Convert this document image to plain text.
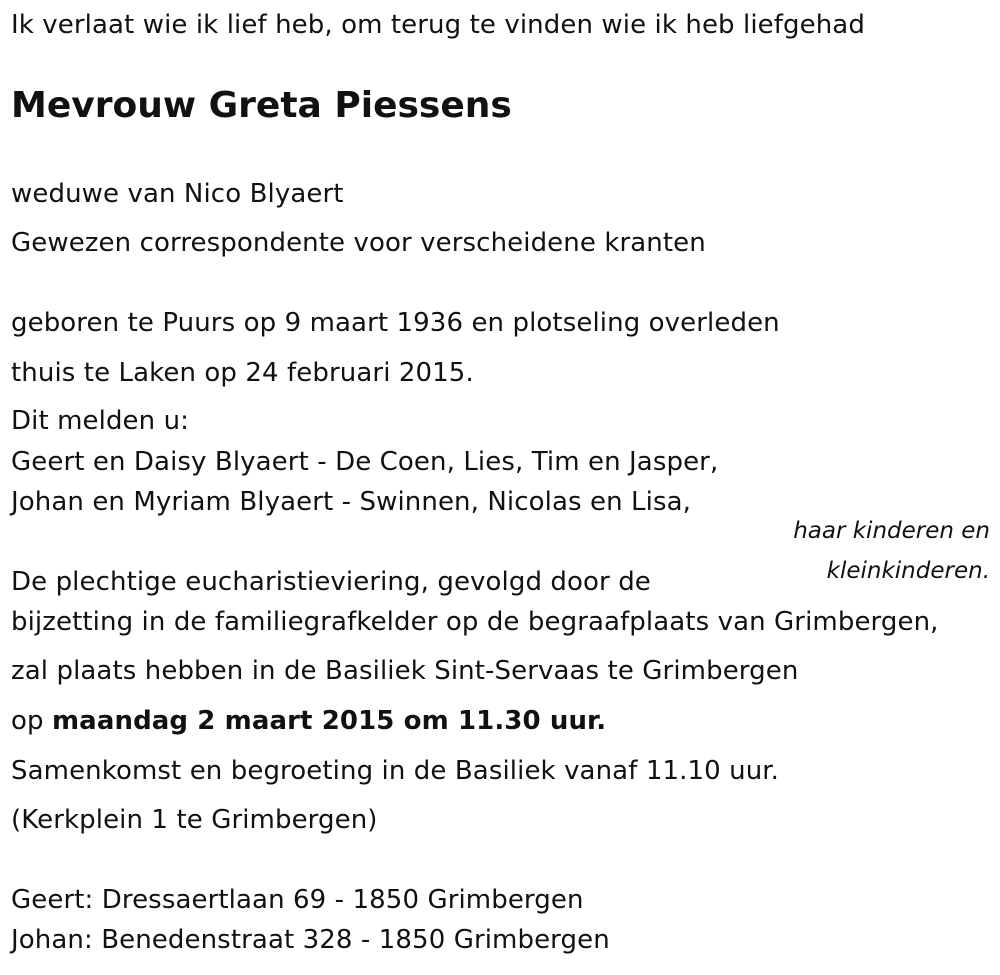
Ik verlaat wie ik lief heb, om terug te vinden wie ik heb liefgehad
Mevrouw Greta Piessens
weduwe van Nico Blyaert
Gewezen correspondente voor verscheidene kranten
geboren te Puurs op 9 maart 1936 en plotseling overleden
thuis te Laken op 24 februari 2015.
Dit melden u:
Geert en Daisy Blyaert - De Coen, Lies, Tim en Jasper,
Johan en Myriam Blyaert - Swinnen, Nicolas en Lisa,
haar kinderen en
kleinkinderen.
De plechtige eucharistieviering, gevolgd door de
bijzetting in de familiegrafkelder op de begraafplaats van Grimbergen,
zal plaats hebben in de Basiliek Sint-Servaas te Grimbergen
op maandag 2 maart 2015 om 11.30 uur.
Samenkomst en begroeting in de Basiliek vanaf 11.10 uur.
(Kerkplein 1 te Grimbergen)
Geert: Dressaertlaan 69 - 1850 Grimbergen
Johan: Benedenstraat 328 - 1850 Grimbergen
